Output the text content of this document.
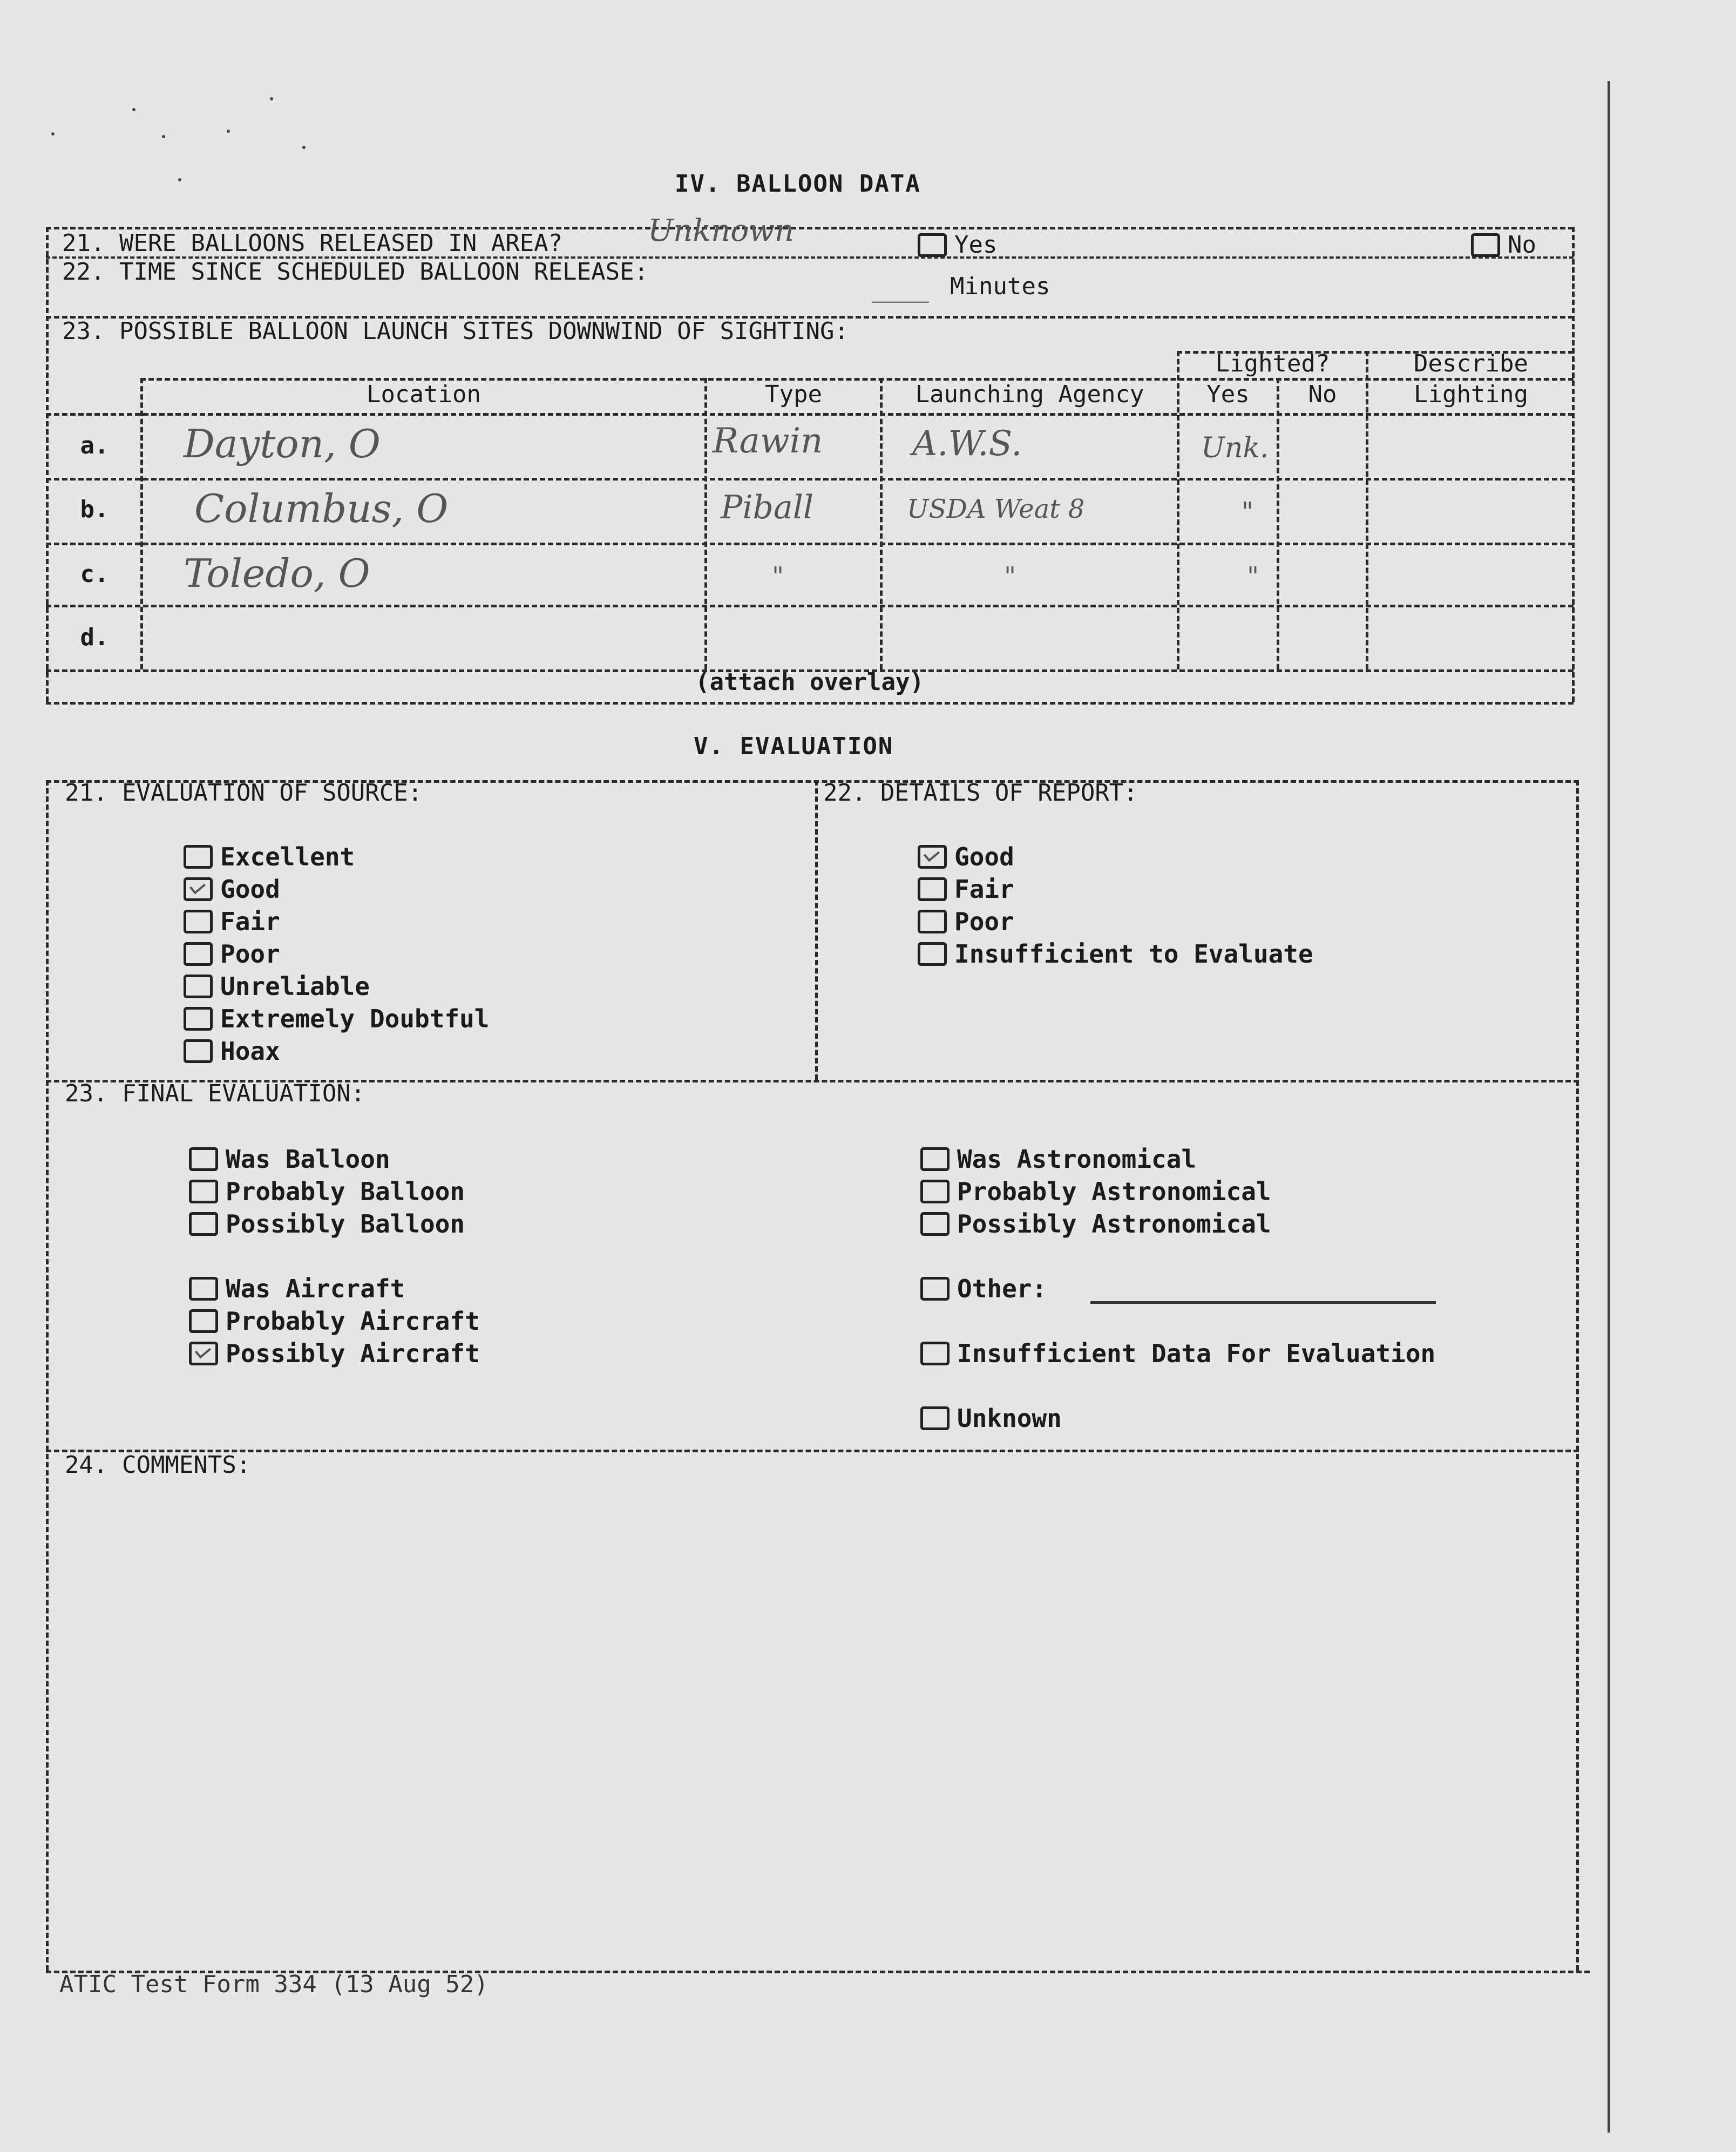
IV. BALLOON DATA
21. WERE BALLOONS RELEASED IN AREA?	Unknown	Yes	No
22. TIME SINCE SCHEDULED BALLOON RELEASE:
____ Minutes
23. POSSIBLE BALLOON LAUNCH SITES DOWNWIND OF SIGHTING:
Location	Type	Launching Agency
Lighted?
Yes	No
Describe
Lighting
a.	Dayton, O	Rawin	A.W.S.	Unk.
b.	Columbus, O	Piball	USDA Weat 8	"
c.	Toledo, O	"	"	"
d.
(attach overlay)
V. EVALUATION
21. EVALUATION OF SOURCE:
Excellent
Good
Fair
Poor
Unreliable
Extremely Doubtful
Hoax
22. DETAILS OF REPORT:
Good
Fair
Poor
Insufficient to Evaluate
23. FINAL EVALUATION:
Was Balloon
Probably Balloon
Possibly Balloon
Was Aircraft
Probably Aircraft
Possibly Aircraft
Was Astronomical
Probably Astronomical
Possibly Astronomical
Other:
Insufficient Data For Evaluation
Unknown
24. COMMENTS:
ATIC Test Form 334 (13 Aug 52)
